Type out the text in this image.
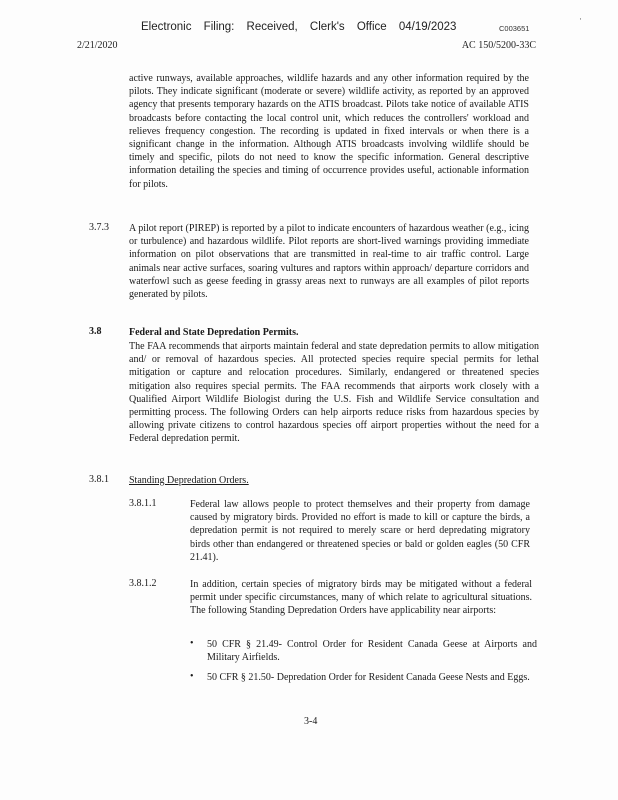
Electronic Filing: Received, Clerk's Office 04/19/2023	C003651
·
2/21/2020	AC 150/5200-33C
active runways, available approaches, wildlife hazards and any other information required by the pilots. They indicate significant (moderate or severe) wildlife activity, as reported by an approved agency that presents temporary hazards on the ATIS broadcast. Pilots take notice of available ATIS broadcasts before contacting the local control unit, which reduces the controllers' workload and relieves frequency congestion. The recording is updated in fixed intervals or when there is a significant change in the information. Although ATIS broadcasts involving wildlife should be timely and specific, pilots do not need to know the specific information. General descriptive information detailing the species and timing of occurrence provides useful, actionable information for pilots.
3.7.3 A pilot report (PIREP) is reported by a pilot to indicate encounters of hazardous weather (e.g., icing or turbulence) and hazardous wildlife. Pilot reports are short-lived warnings providing immediate information on pilot observations that are transmitted in real-time to air traffic control. Large animals near active surfaces, soaring vultures and raptors within approach/ departure corridors and waterfowl such as geese feeding in grassy areas next to runways are all examples of pilot reports generated by pilots.
3.8	Federal and State Depredation Permits.
The FAA recommends that airports maintain federal and state depredation permits to allow mitigation and/ or removal of hazardous species. All protected species require special permits for lethal mitigation or capture and relocation procedures. Similarly, endangered or threatened species mitigation also requires special permits. The FAA recommends that airports work closely with a Qualified Airport Wildlife Biologist during the U.S. Fish and Wildlife Service consultation and permitting process. The following Orders can help airports reduce risks from hazardous species by allowing private citizens to control hazardous species off airport properties without the need for a Federal depredation permit.
3.8.1 Standing Depredation Orders.
3.8.1.1	Federal law allows people to protect themselves and their property from damage caused by migratory birds. Provided no effort is made to kill or capture the birds, a depredation permit is not required to merely scare or herd depredating migratory birds other than endangered or threatened species or bald or golden eagles (50 CFR 21.41).
3.8.1.2	In addition, certain species of migratory birds may be mitigated without a federal permit under specific circumstances, many of which relate to agricultural situations. The following Standing Depredation Orders have applicability near airports:
• 50 CFR § 21.49- Control Order for Resident Canada Geese at Airports and Military Airfields.
• 50 CFR § 21.50- Depredation Order for Resident Canada Geese Nests and Eggs.
3-4
